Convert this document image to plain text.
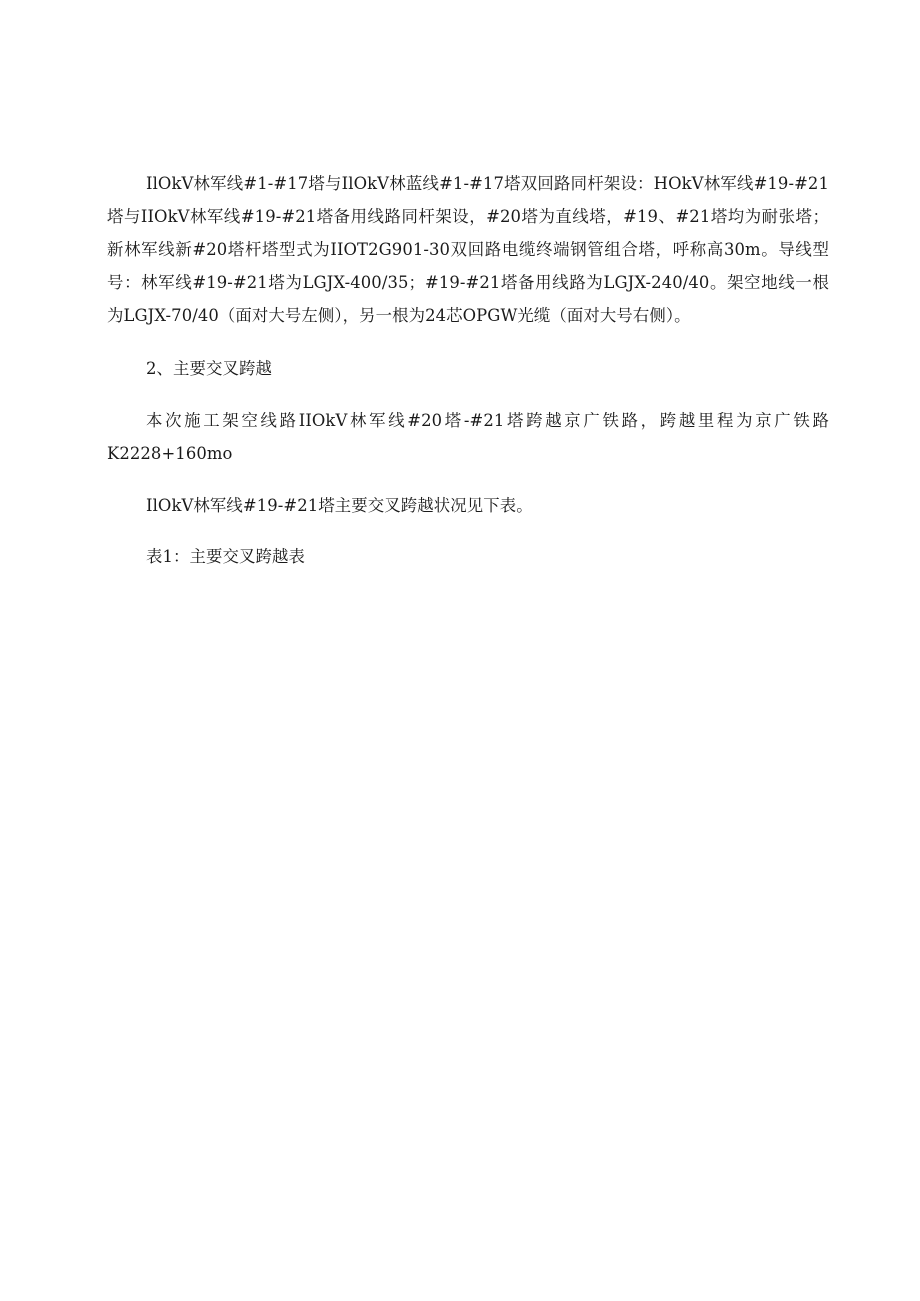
IlOkV林军线#1-#17塔与IlOkV林蓝线#1-#17塔双回路同杆架设：HOkV林军线#19-#21塔与IIOkV林军线#19-#21塔备用线路同杆架设，#20塔为直线塔，#19、#21塔均为耐张塔；新林军线新#20塔杆塔型式为IIOT2G901-30双回路电缆终端钢管组合塔，呼称高30m。导线型号：林军线#19-#21塔为LGJX-400/35；#19-#21塔备用线路为LGJX-240/40。架空地线一根为LGJX-70/40（面对大号左侧），另一根为24芯OPGW光缆（面对大号右侧）。

2、主要交叉跨越

本次施工架空线路IIOkV林军线#20塔-#21塔跨越京广铁路，跨越里程为京广铁路K2228+160mo

IlOkV林军线#19-#21塔主要交叉跨越状况见下表。

表1：主要交叉跨越表
